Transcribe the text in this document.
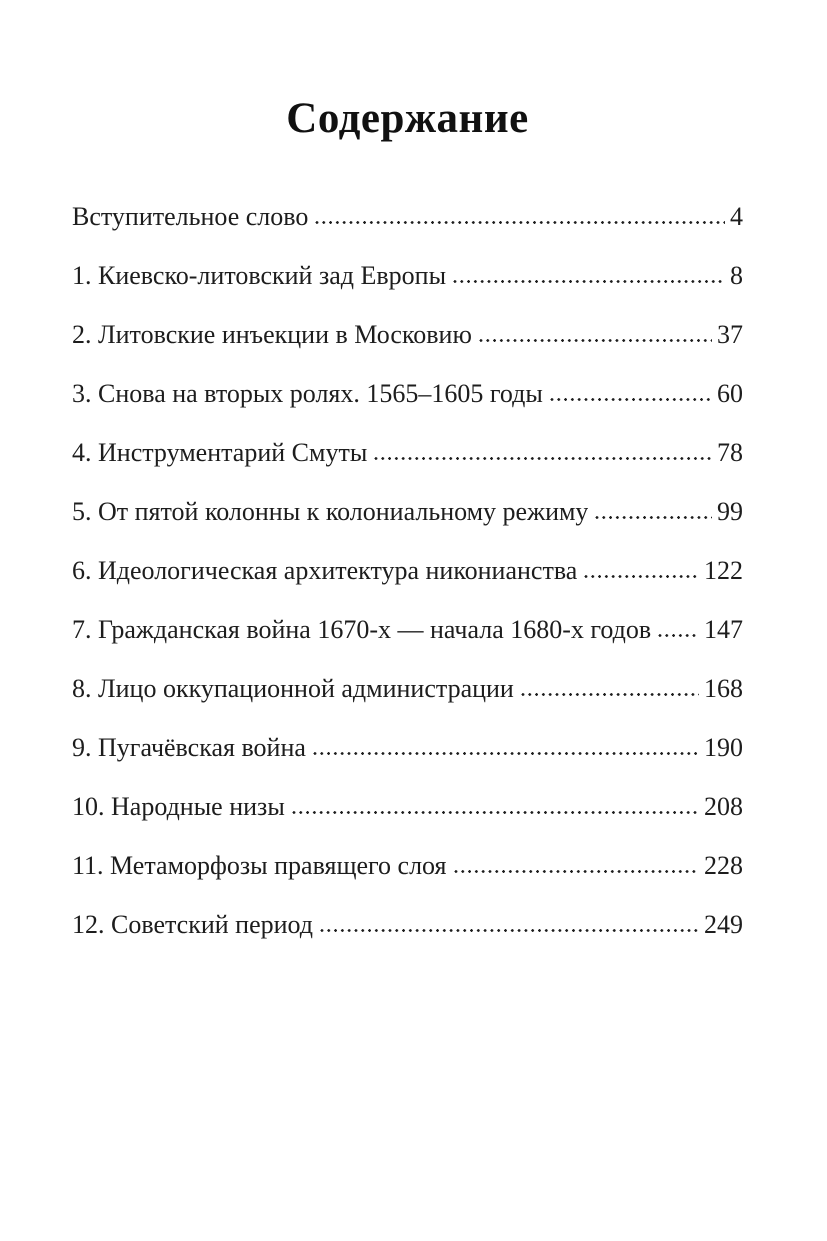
Содержание
Вступительное слово	4
1. Киевско-литовский зад Европы	8
2. Литовские инъекции в Московию	37
3. Снова на вторых ролях. 1565–1605 годы	60
4. Инструментарий Смуты	78
5. От пятой колонны к колониальному режиму	99
6. Идеологическая архитектура никонианства	122
7. Гражданская война 1670-х — начала 1680-х годов 147
8. Лицо оккупационной администрации	168
9. Пугачёвская война	190
10. Народные низы	208
11. Метаморфозы правящего слоя	228
12. Советский период	249
